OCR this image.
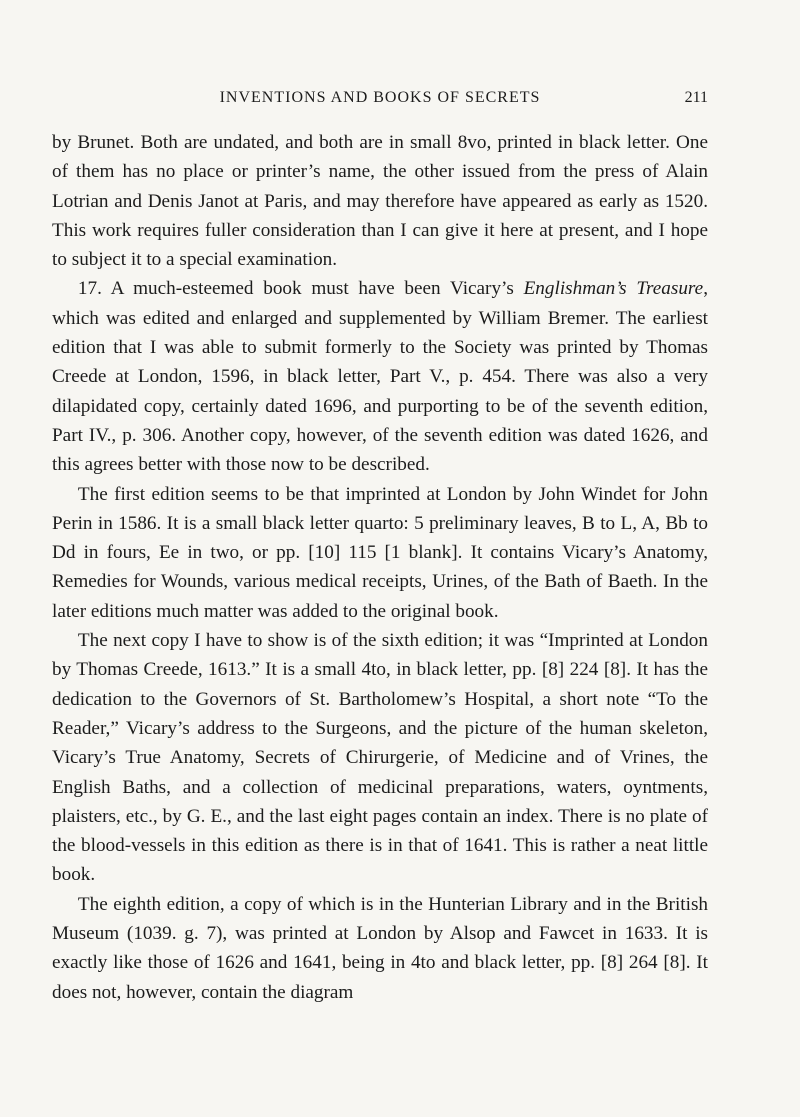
INVENTIONS AND BOOKS OF SECRETS	211

by Brunet. Both are undated, and both are in small 8vo, printed in black letter. One of them has no place or printer’s name, the other issued from the press of Alain Lotrian and Denis Janot at Paris, and may therefore have appeared as early as 1520. This work requires fuller consideration than I can give it here at present, and I hope to subject it to a special examination.

17. A much-esteemed book must have been Vicary’s Englishman’s Treasure, which was edited and enlarged and supplemented by William Bremer. The earliest edition that I was able to submit formerly to the Society was printed by Thomas Creede at London, 1596, in black letter, Part V., p. 454. There was also a very dilapidated copy, certainly dated 1696, and purporting to be of the seventh edition, Part IV., p. 306. Another copy, however, of the seventh edition was dated 1626, and this agrees better with those now to be described.

The first edition seems to be that imprinted at London by John Windet for John Perin in 1586. It is a small black letter quarto: 5 preliminary leaves, B to L, A, Bb to Dd in fours, Ee in two, or pp. [10] 115 [1 blank]. It contains Vicary’s Anatomy, Remedies for Wounds, various medical receipts, Urines, of the Bath of Baeth. In the later editions much matter was added to the original book.

The next copy I have to show is of the sixth edition; it was “Imprinted at London by Thomas Creede, 1613.” It is a small 4to, in black letter, pp. [8] 224 [8]. It has the dedication to the Governors of St. Bartholomew’s Hospital, a short note “To the Reader,” Vicary’s address to the Surgeons, and the picture of the human skeleton, Vicary’s True Anatomy, Secrets of Chirurgerie, of Medicine and of Vrines, the English Baths, and a collection of medicinal preparations, waters, oyntments, plaisters, etc., by G. E., and the last eight pages contain an index. There is no plate of the blood-vessels in this edition as there is in that of 1641. This is rather a neat little book.

The eighth edition, a copy of which is in the Hunterian Library and in the British Museum (1039. g. 7), was printed at London by Alsop and Fawcet in 1633. It is exactly like those of 1626 and 1641, being in 4to and black letter, pp. [8] 264 [8]. It does not, however, contain the diagram
